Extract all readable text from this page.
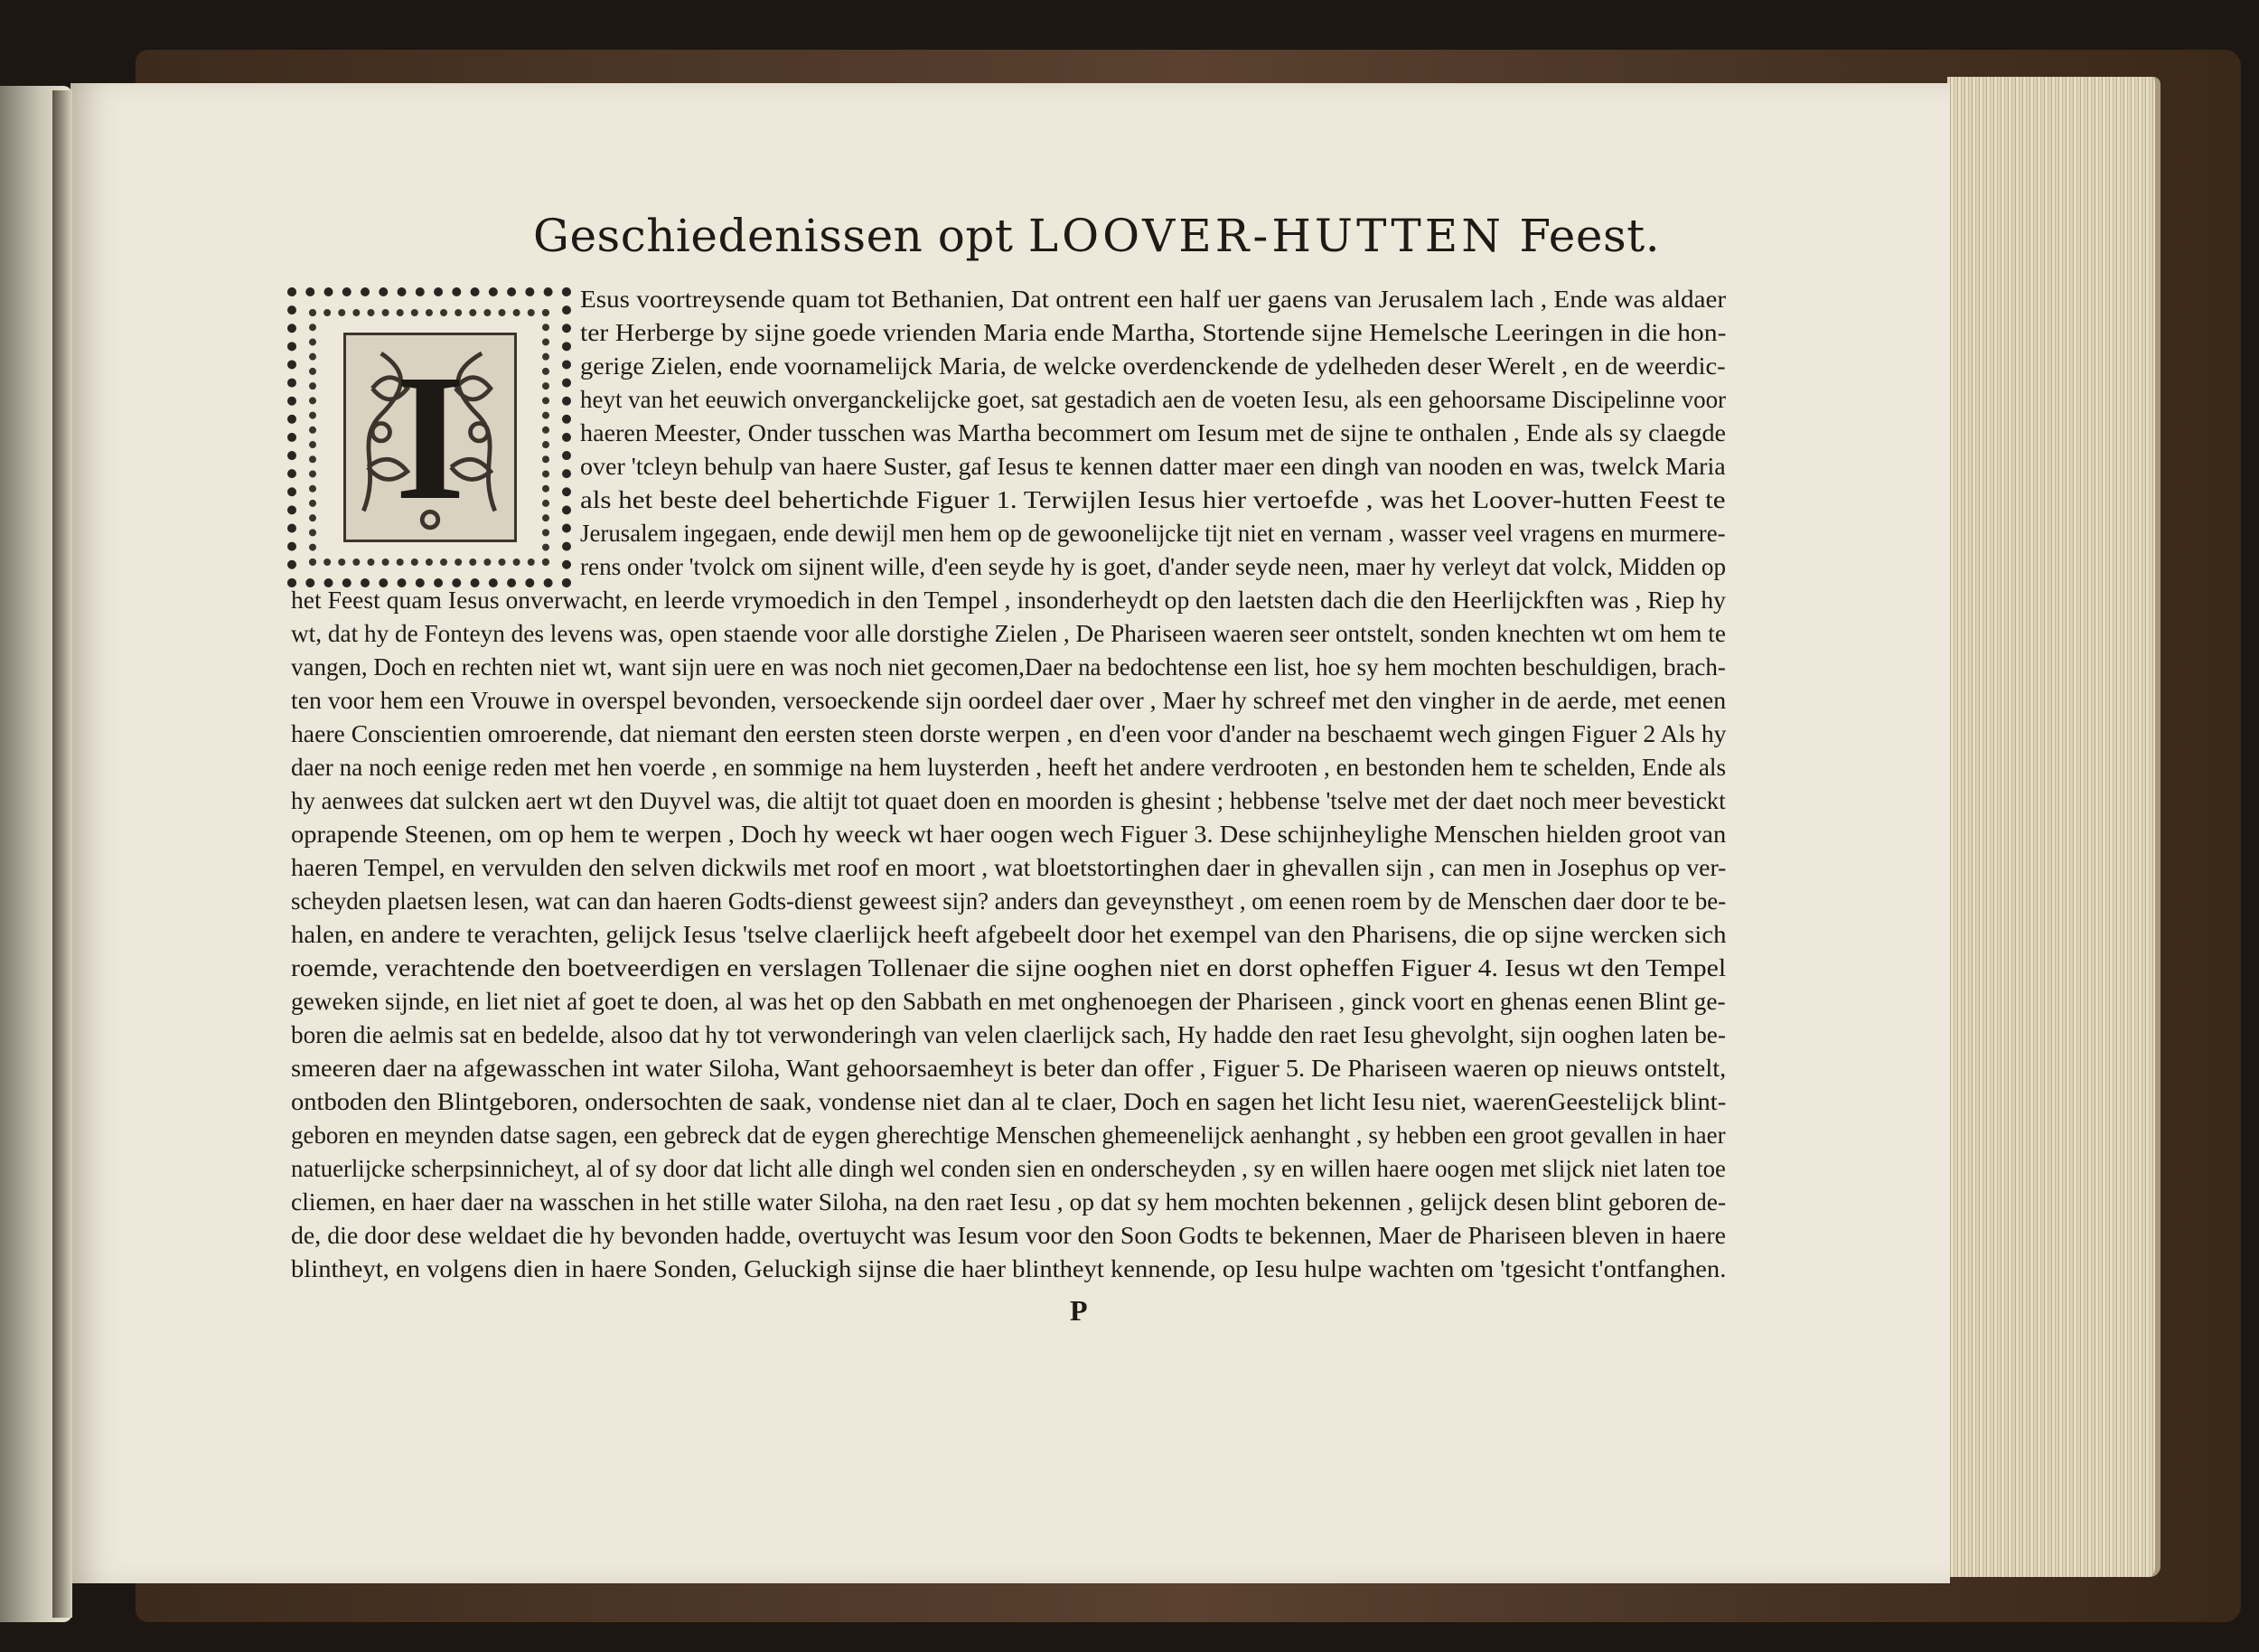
Geschiedenissen opt LOOVER-HUTTEN Feest.
I
Esus voortreysende quam tot Bethanien, Dat ontrent een half uer gaens van Jerusalem lach , Ende was aldaer
ter Herberge by sijne goede vrienden Maria ende Martha, Stortende sijne Hemelsche Leeringen in die hon-
gerige Zielen, ende voornamelijck Maria, de welcke overdenckende de ydelheden deser Werelt , en de weerdic-
heyt van het eeuwich onverganckelijcke goet, sat gestadich aen de voeten Iesu, als een gehoorsame Discipelinne voor
haeren Meester, Onder tusschen was Martha becommert om Iesum met de sijne te onthalen , Ende als sy claegde
over 'tcleyn behulp van haere Suster, gaf Iesus te kennen datter maer een dingh van nooden en was, twelck Maria
als het beste deel behertichde Figuer 1. Terwijlen Iesus hier vertoefde , was het Loover-hutten Feest te
Jerusalem ingegaen, ende dewijl men hem op de gewoonelijcke tijt niet en vernam , wasser veel vragens en murmere-
rens onder 'tvolck om sijnent wille, d'een seyde hy is goet, d'ander seyde neen, maer hy verleyt dat volck, Midden op
het Feest quam Iesus onverwacht, en leerde vrymoedich in den Tempel , insonderheydt op den laetsten dach die den Heerlijckften was , Riep hy
wt, dat hy de Fonteyn des levens was, open staende voor alle dorstighe Zielen , De Phariseen waeren seer ontstelt, sonden knechten wt om hem te
vangen, Doch en rechten niet wt, want sijn uere en was noch niet gecomen,Daer na bedochtense een list, hoe sy hem mochten beschuldigen, brach-
ten voor hem een Vrouwe in overspel bevonden, versoeckende sijn oordeel daer over , Maer hy schreef met den vingher in de aerde, met eenen
haere Conscientien omroerende, dat niemant den eersten steen dorste werpen , en d'een voor d'ander na beschaemt wech gingen Figuer 2 Als hy
daer na noch eenige reden met hen voerde , en sommige na hem luysterden , heeft het andere verdrooten , en bestonden hem te schelden, Ende als
hy aenwees dat sulcken aert wt den Duyvel was, die altijt tot quaet doen en moorden is ghesint ; hebbense 'tselve met der daet noch meer bevestickt
oprapende Steenen, om op hem te werpen , Doch hy weeck wt haer oogen wech Figuer 3. Dese schijnheylighe Menschen hielden groot van
haeren Tempel, en vervulden den selven dickwils met roof en moort , wat bloetstortinghen daer in ghevallen sijn , can men in Josephus op ver-
scheyden plaetsen lesen, wat can dan haeren Godts-dienst geweest sijn? anders dan geveynstheyt , om eenen roem by de Menschen daer door te be-
halen, en andere te verachten, gelijck Iesus 'tselve claerlijck heeft afgebeelt door het exempel van den Pharisens, die op sijne wercken sich
roemde, verachtende den boetveerdigen en verslagen Tollenaer die sijne ooghen niet en dorst opheffen Figuer 4. Iesus wt den Tempel
geweken sijnde, en liet niet af goet te doen, al was het op den Sabbath en met onghenoegen der Phariseen , ginck voort en ghenas eenen Blint ge-
boren die aelmis sat en bedelde, alsoo dat hy tot verwonderingh van velen claerlijck sach, Hy hadde den raet Iesu ghevolght, sijn ooghen laten be-
smeeren daer na afgewasschen int water Siloha, Want gehoorsaemheyt is beter dan offer , Figuer 5. De Phariseen waeren op nieuws ontstelt,
ontboden den Blintgeboren, ondersochten de saak, vondense niet dan al te claer, Doch en sagen het licht Iesu niet, waerenGeestelijck blint-
geboren en meynden datse sagen, een gebreck dat de eygen gherechtige Menschen ghemeenelijck aenhanght , sy hebben een groot gevallen in haer
natuerlijcke scherpsinnicheyt, al of sy door dat licht alle dingh wel conden sien en onderscheyden , sy en willen haere oogen met slijck niet laten toe
cliemen, en haer daer na wasschen in het stille water Siloha, na den raet Iesu , op dat sy hem mochten bekennen , gelijck desen blint geboren de-
de, die door dese weldaet die hy bevonden hadde, overtuycht was Iesum voor den Soon Godts te bekennen, Maer de Phariseen bleven in haere
blintheyt, en volgens dien in haere Sonden, Geluckigh sijnse die haer blintheyt kennende, op Iesu hulpe wachten om 'tgesicht t'ontfanghen.
P
